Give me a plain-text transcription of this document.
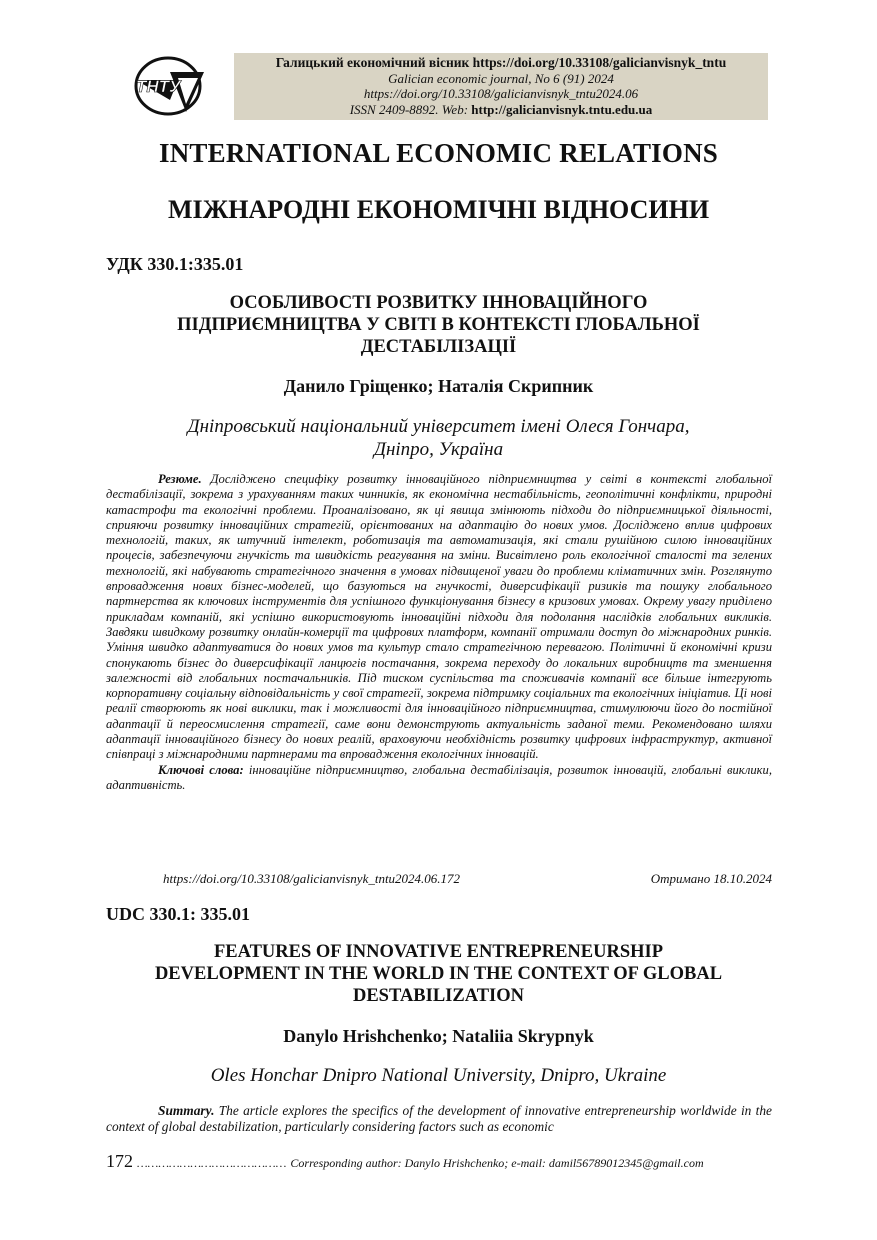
ТНТУ
Галицький економічний вісник https://doi.org/10.33108/galicianvisnyk_tntu
Galician economic journal, No 6 (91) 2024
https://doi.org/10.33108/galicianvisnyk_tntu2024.06
ISSN 2409-8892. Web: http://galicianvisnyk.tntu.edu.ua
INTERNATIONAL ECONOMIC RELATIONS
МІЖНАРОДНІ ЕКОНОМІЧНІ ВІДНОСИНИ
УДК 330.1:335.01
ОСОБЛИВОСТІ РОЗВИТКУ ІННОВАЦІЙНОГО
ПІДПРИЄМНИЦТВА У СВІТІ В КОНТЕКСТІ ГЛОБАЛЬНОЇ
ДЕСТАБІЛІЗАЦІЇ
Данило Гріщенко; Наталія Скрипник
Дніпровський національний університет імені Олеся Гончара,
Дніпро, Україна

Резюме. Досліджено специфіку розвитку інноваційного підприємництва у світі в контексті глобальної дестабілізації, зокрема з урахуванням таких чинників, як економічна нестабільність, геополітичні конфлікти, природні катастрофи та екологічні проблеми. Проаналізовано, як ці явища змінюють підходи до підприємницької діяльності, сприяючи розвитку інноваційних стратегій, орієнтованих на адаптацію до нових умов. Досліджено вплив цифрових технологій, таких, як штучний інтелект, роботизація та автоматизація, які стали рушійною силою інноваційних процесів, забезпечуючи гнучкість та швидкість реагування на зміни. Висвітлено роль екологічної сталості та зелених технологій, які набувають стратегічного значення в умовах підвищеної уваги до проблеми кліматичних змін. Розглянуто впровадження нових бізнес-моделей, що базуються на гнучкості, диверсифікації ризиків та пошуку глобального партнерства як ключових інструментів для успішного функціонування бізнесу в кризових умовах. Окрему увагу приділено прикладам компаній, які успішно використовують інноваційні підходи для подолання наслідків глобальних викликів. Завдяки швидкому розвитку онлайн-комерції та цифрових платформ, компанії отримали доступ до міжнародних ринків. Уміння швидко адаптуватися до нових умов та культур стало стратегічною перевагою. Політичні й економічні кризи спонукають бізнес до диверсифікації ланцюгів постачання, зокрема переходу до локальних виробництв та зменшення залежності від глобальних постачальників. Під тиском суспільства та споживачів компанії все більше інтегрують корпоративну соціальну відповідальність у свої стратегії, зокрема підтримку соціальних та екологічних ініціатив. Ці нові реалії створюють як нові виклики, так і можливості для інноваційного підприємництва, стимулюючи його до постійної адаптації й переосмислення стратегії, саме вони демонструють актуальність заданої теми. Рекомендовано шляхи адаптації інноваційного бізнесу до нових реалій, враховуючи необхідність розвитку цифрових інфраструктур, активної співпраці з міжнародними партнерами та впровадження екологічних інновацій.

Ключові слова: інноваційне підприємництво, глобальна дестабілізація, розвиток інновацій, глобальні виклики, адаптивність.

https://doi.org/10.33108/galicianvisnyk_tntu2024.06.172	Отримано 18.10.2024
UDC 330.1: 335.01
FEATURES OF INNOVATIVE ENTREPRENEURSHIP
DEVELOPMENT IN THE WORLD IN THE CONTEXT OF GLOBAL
DESTABILIZATION
Danylo Hrishchenko; Nataliia Skrypnyk
Oles Honchar Dnipro National University, Dnipro, Ukraine

Summary. The article explores the specifics of the development of innovative entrepreneurship worldwide in the context of global destabilization, particularly considering factors such as economic

172 …………………………………… Corresponding author: Danylo Hrishchenko; e-mail: damil56789012345@gmail.com
